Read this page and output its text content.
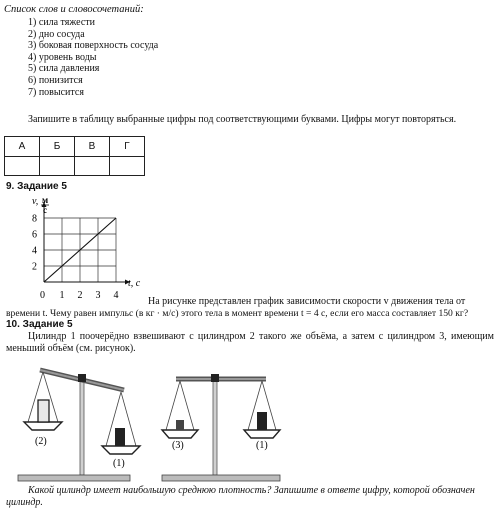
Список слов и словосочетаний:
1) сила тяжести
2) дно сосуда
3) боковая поверхность сосуда
4) уровень воды
5) сила давления
6) понизится
7) повысится
Запишите в таблицу выбранные цифры под соответствующими буквами. Цифры могут повторяться.
А	Б	В	Г

9. Задание 5
1 2 3 4
2
4
6
8
v, м
с
t, с
0
На рисунке представлен график зависимости скорости v движения тела от
времени t. Чему равен импульс (в кг · м/с) этого тела в момент времени t = 4 с, если его масса составляет 150 кг?
10. Задание 5
Цилиндр 1 поочерёдно взвешивают с цилиндром 2 такого же объёма, а затем с цилиндром 3, имеющим меньший объём (см. рисунок).
(2)
(1)
(3)	(1)
Какой цилиндр имеет наибольшую среднюю плотность? Запишите в ответе цифру, которой обозначен цилиндр.
